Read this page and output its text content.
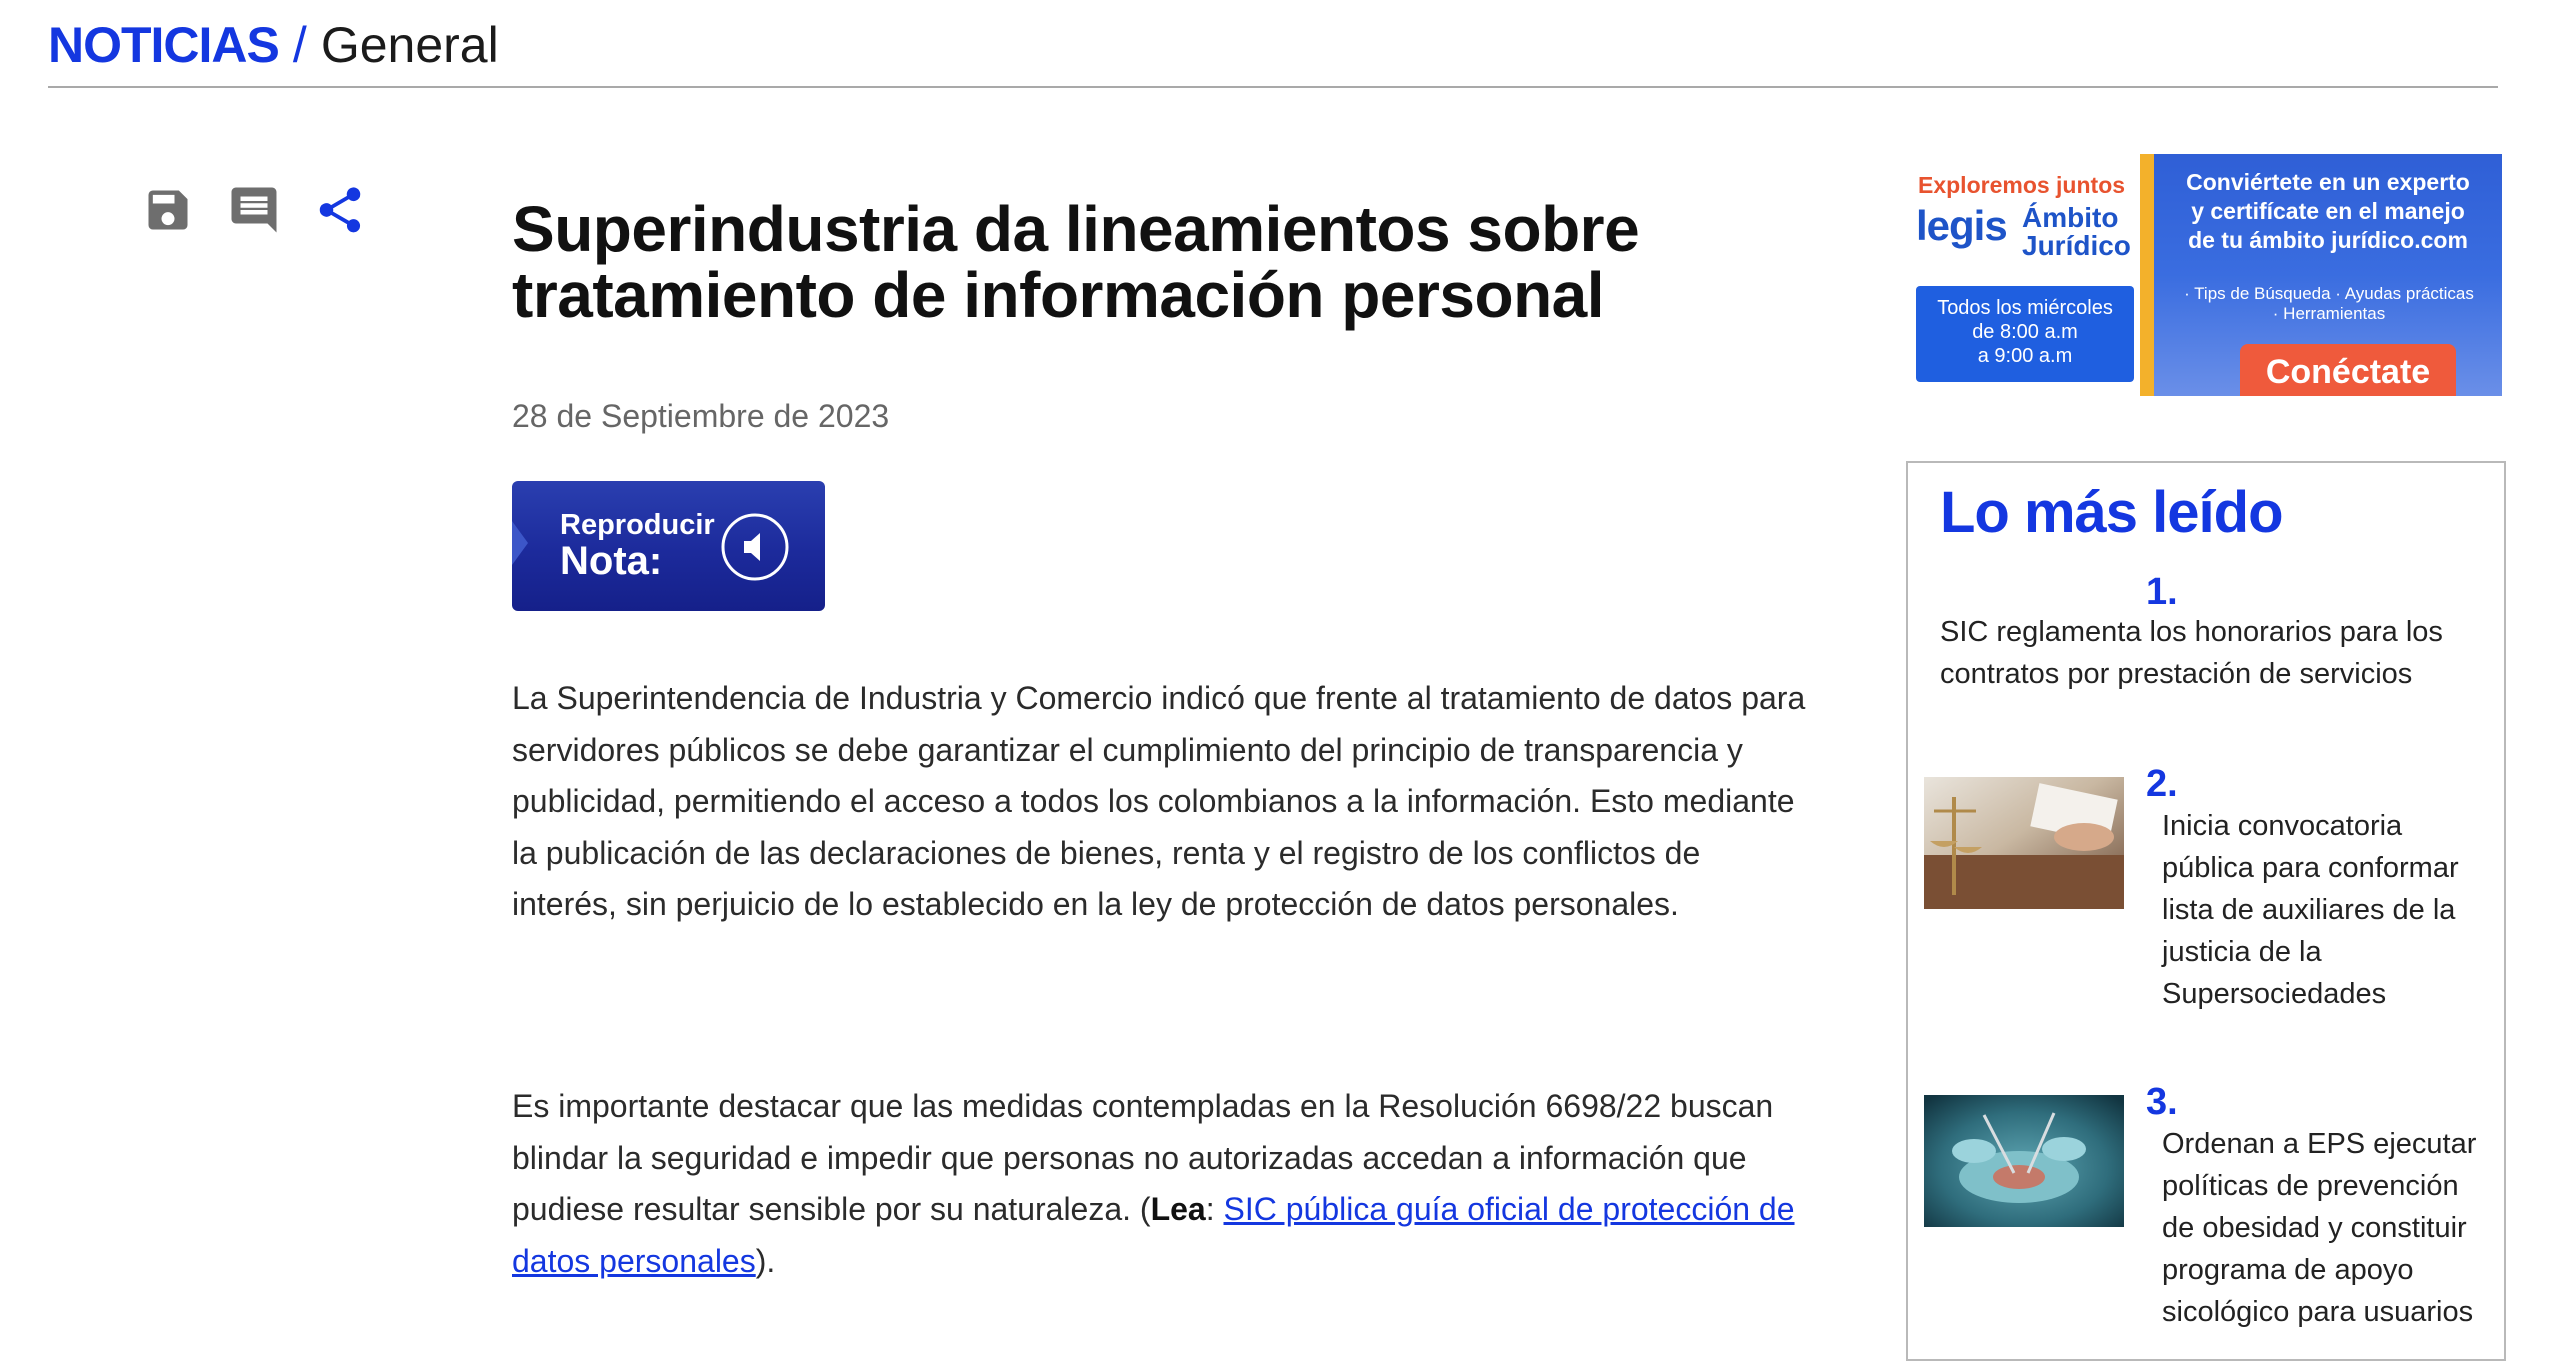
NOTICIAS / General
Superindustria da lineamientos sobre tratamiento de información personal
28 de Septiembre de 2023
Reproducir
Nota:
La Superintendencia de Industria y Comercio indicó que frente al tratamiento de datos para servidores públicos se debe garantizar el cumplimiento del principio de transparencia y publicidad, permitiendo el acceso a todos los colombianos a la información. Esto mediante la publicación de las declaraciones de bienes, renta y el registro de los conflictos de interés, sin perjuicio de lo establecido en la ley de protección de datos personales.
Es importante destacar que las medidas contempladas en la Resolución 6698/22 buscan blindar la seguridad e impedir que personas no autorizadas accedan a información que pudiese resultar sensible por su naturaleza. (Lea: SIC pública guía oficial de protección de datos personales).
Exploremos juntos
legis Ámbito
Jurídico
Todos los miércoles
de 8:00 a.m
a 9:00 a.m
Conviértete en un experto
y certifícate en el manejo
de tu ámbito jurídico.com
· Tips de Búsqueda · Ayudas prácticas
· Herramientas
Conéctate
Lo más leído
1.
SIC reglamenta los honorarios para los contratos por prestación de servicios
2.
Inicia convocatoria pública para conformar lista de auxiliares de la justicia de la Supersociedades
3.
Ordenan a EPS ejecutar políticas de prevención de obesidad y constituir programa de apoyo sicológico para usuarios
